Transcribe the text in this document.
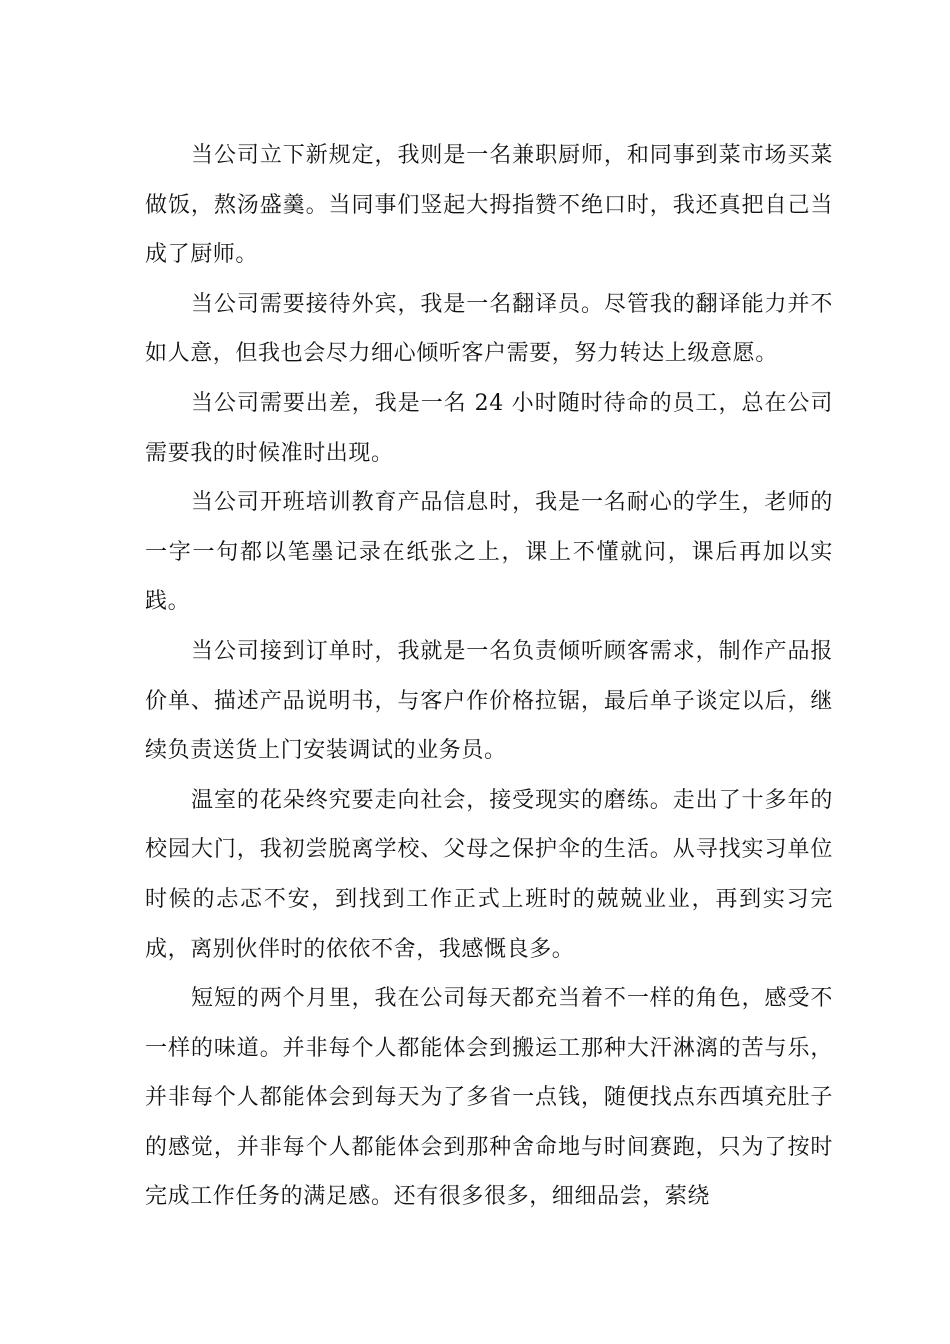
当公司立下新规定，我则是一名兼职厨师，和同事到菜市场买菜做饭，熬汤盛羹。当同事们竖起大拇指赞不绝口时，我还真把自己当成了厨师。

当公司需要接待外宾，我是一名翻译员。尽管我的翻译能力并不如人意，但我也会尽力细心倾听客户需要，努力转达上级意愿。

当公司需要出差，我是一名 24 小时随时待命的员工，总在公司需要我的时候准时出现。

当公司开班培训教育产品信息时，我是一名耐心的学生，老师的一字一句都以笔墨记录在纸张之上，课上不懂就问，课后再加以实践。

当公司接到订单时，我就是一名负责倾听顾客需求，制作产品报价单、描述产品说明书，与客户作价格拉锯，最后单子谈定以后，继续负责送货上门安装调试的业务员。

温室的花朵终究要走向社会，接受现实的磨练。走出了十多年的校园大门，我初尝脱离学校、父母之保护伞的生活。从寻找实习单位时候的忐忑不安，到找到工作正式上班时的兢兢业业，再到实习完成，离别伙伴时的依依不舍，我感慨良多。

短短的两个月里，我在公司每天都充当着不一样的角色，感受不一样的味道。并非每个人都能体会到搬运工那种大汗淋漓的苦与乐，并非每个人都能体会到每天为了多省一点钱，随便找点东西填充肚子的感觉，并非每个人都能体会到那种舍命地与时间赛跑，只为了按时完成工作任务的满足感。还有很多很多，细细品尝，萦绕
